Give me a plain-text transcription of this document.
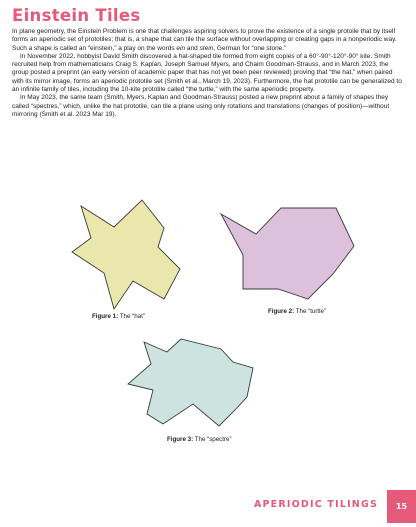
Einstein Tiles

In plane geometry, the Einstein Problem is one that challenges aspiring solvers to prove the existence of a single protoile that by itself forms an aperiodic set of prototiles; that is, a shape that can tile the surface without overlapping or creating gaps in a nonperiodic way. Such a shape is called an “einstein,” a play on the words ein and stein, German for “one stone.”

In November 2022, hobbyist David Smith discovered a hat-shaped tile formed from eight copies of a 60°-90°-120°-90° kite. Smith recruited help from mathematicians Craig S. Kaplan, Joseph Samuel Myers, and Chaim Goodman-Strauss, and in March 2023, the group posted a preprint (an early version of academic paper that has not yet been peer reviewed) proving that “the hat,” when paired with its mirror image, forms an aperiodic prototile set (Smith et al., March 19, 2023). Furthermore, the hat prototile can be generalized to an infinite family of tiles, including the 10-kite prototile called “the turtle,” with the same aperiodic property.

In May 2023, the same team (Smith, Myers, Kaplan and Goodman-Strauss) posted a new preprint about a family of shapes they called “spectres,” which, unlike the hat prototile, can tile a plane using only rotations and translations (changes of position)—without mirroring (Smith et al. 2023 Mar 19).

Figure 1: The “hat”
Figure 2: The “turtle”
Figure 3: The “spectre”
APERIODIC TILINGS 15
